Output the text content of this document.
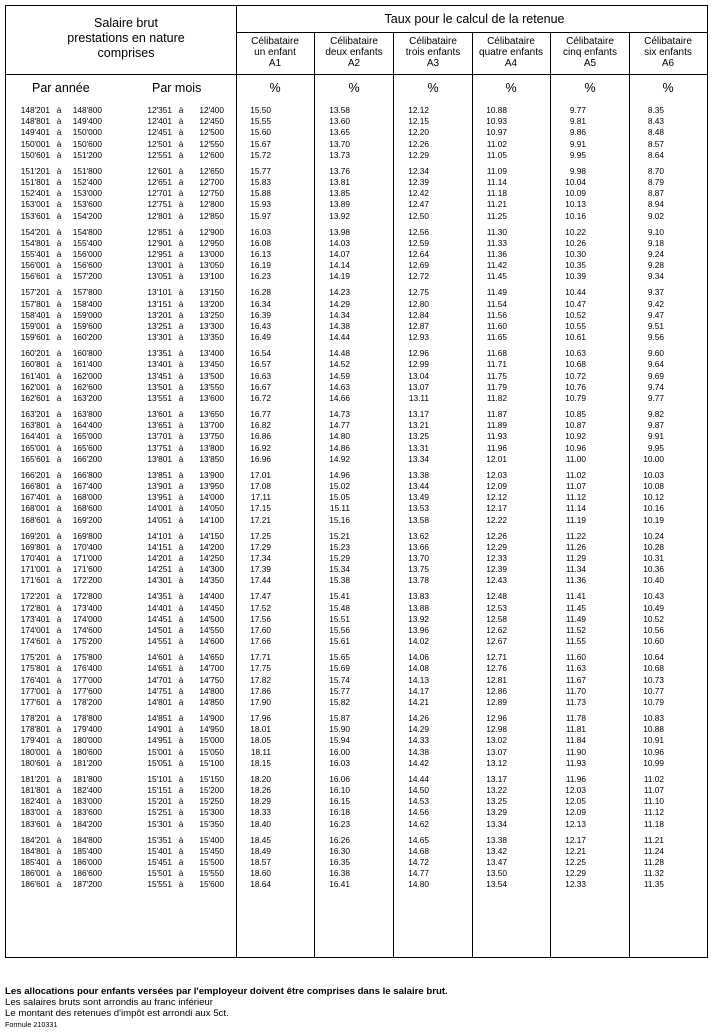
Salaire brut
prestations en nature
comprises
Taux pour le calcul de la retenue
Célibataire
un enfant
A1
Célibataire
deux enfants
A2
Célibataire
trois enfants
A3
Célibataire
quatre enfants
A4
Célibataire
cinq enfants
A5
Célibataire
six enfants
A6
Par année	Par mois	%	%	%	%	%	%
148'201 à	148'800	12'351 à	12'400	15.50	13.58	12.12	10.88	9.77	8.35
148'801 à	149'400	12'401 à	12'450	15.55	13.60	12.15	10.93	9.81	8.43
149'401 à	150'000	12'451 à	12'500	15.60	13.65	12.20	10.97	9.86	8.48
150'001 à	150'600	12'501 à	12'550	15.67	13.70	12.26	11.02	9.91	8.57
150'601 à	151'200	12'551 à	12'600	15.72	13.73	12.29	11.05	9.95	8.64
151'201 à	151'800	12'601 à	12'650	15.77	13.76	12.34	11.09	9.98	8.70
151'801 à	152'400	12'651 à	12'700	15.83	13.81	12.39	11.14	10.04	8.79
152'401 à	153'000	12'701 à	12'750	15.88	13.85	12.42	11.18	10.09	8.87
153'001 à	153'600	12'751 à	12'800	15.93	13.89	12.47	11.21	10.13	8.94
153'601 à	154'200	12'801 à	12'850	15.97	13.92	12.50	11.25	10.16	9.02
154'201 à	154'800	12'851 à	12'900	16.03	13.98	12.56	11.30	10.22	9.10
154'801 à	155'400	12'901 à	12'950	16.08	14.03	12.59	11.33	10.26	9.18
155'401 à	156'000	12'951 à	13'000	16.13	14.07	12.64	11.36	10.30	9.24
156'001 à	156'600	13'001 à	13'050	16.19	14.14	12.69	11.42	10.35	9.28
156'601 à	157'200	13'051 à	13'100	16.23	14.19	12.72	11.45	10.39	9.34
157'201 à	157'800	13'101 à	13'150	16.28	14.23	12.75	11.49	10.44	9.37
157'801 à	158'400	13'151 à	13'200	16.34	14.29	12.80	11.54	10.47	9.42
158'401 à	159'000	13'201 à	13'250	16.39	14.34	12.84	11.56	10.52	9.47
159'001 à	159'600	13'251 à	13'300	16.43	14.38	12.87	11.60	10.55	9.51
159'601 à	160'200	13'301 à	13'350	16.49	14.44	12.93	11.65	10.61	9.56
160'201 à	160'800	13'351 à	13'400	16.54	14.48	12.96	11.68	10.63	9.60
160'801 à	161'400	13'401 à	13'450	16.57	14.52	12.99	11.71	10.68	9.64
161'401 à	162'000	13'451 à	13'500	16.63	14.59	13.04	11.75	10.72	9.69
162'001 à	162'600	13'501 à	13'550	16.67	14.63	13.07	11.79	10.76	9.74
162'601 à	163'200	13'551 à	13'600	16.72	14.66	13.11	11.82	10.79	9.77
163'201 à	163'800	13'601 à	13'650	16.77	14.73	13.17	11.87	10.85	9.82
163'801 à	164'400	13'651 à	13'700	16.82	14.77	13.21	11.89	10.87	9.87
164'401 à	165'000	13'701 à	13'750	16.86	14.80	13.25	11.93	10.92	9.91
165'001 à	165'600	13'751 à	13'800	16.92	14.86	13.31	11.96	10.96	9.95
165'601 à	166'200	13'801 à	13'850	16.96	14.92	13.34	12.01	11.00	10.00
166'201 à	166'800	13'851 à	13'900	17.01	14.96	13.38	12.03	11.02	10.03
166'801 à	167'400	13'901 à	13'950	17.08	15.02	13.44	12.09	11.07	10.08
167'401 à	168'000	13'951 à	14'000	17.11	15.05	13.49	12.12	11.12	10.12
168'001 à	168'600	14'001 à	14'050	17.15	15.11	13.53	12.17	11.14	10.16
168'601 à	169'200	14'051 à	14'100	17.21	15.16	13.58	12.22	11.19	10.19
169'201 à	169'800	14'101 à	14'150	17.25	15.21	13.62	12.26	11.22	10.24
169'801 à	170'400	14'151 à	14'200	17.29	15.23	13.66	12.29	11.26	10.28
170'401 à	171'000	14'201 à	14'250	17.34	15.29	13.70	12.33	11.29	10.31
171'001 à	171'600	14'251 à	14'300	17.39	15.34	13.75	12.39	11.34	10.36
171'601 à	172'200	14'301 à	14'350	17.44	15.38	13.78	12.43	11.36	10.40
172'201 à	172'800	14'351 à	14'400	17.47	15.41	13.83	12.48	11.41	10.43
172'801 à	173'400	14'401 à	14'450	17.52	15.48	13.88	12.53	11.45	10.49
173'401 à	174'000	14'451 à	14'500	17.56	15.51	13.92	12.58	11.49	10.52
174'001 à	174'600	14'501 à	14'550	17.60	15.56	13.96	12.62	11.52	10.56
174'601 à	175'200	14'551 à	14'600	17.66	15.61	14.02	12.67	11.55	10.60
175'201 à	175'800	14'601 à	14'650	17.71	15.65	14.06	12.71	11.60	10.64
175'801 à	176'400	14'651 à	14'700	17.75	15.69	14.08	12.76	11.63	10.68
176'401 à	177'000	14'701 à	14'750	17.82	15.74	14.13	12.81	11.67	10.73
177'001 à	177'600	14'751 à	14'800	17.86	15.77	14.17	12.86	11.70	10.77
177'601 à	178'200	14'801 à	14'850	17.90	15.82	14.21	12.89	11.73	10.79
178'201 à	178'800	14'851 à	14'900	17.96	15.87	14.26	12.96	11.78	10.83
178'801 à	179'400	14'901 à	14'950	18.01	15.90	14.29	12.98	11.81	10.88
179'401 à	180'000	14'951 à	15'000	18.05	15.94	14.33	13.02	11.84	10.91
180'001 à	180'600	15'001 à	15'050	18.11	16.00	14.38	13.07	11.90	10.96
180'601 à	181'200	15'051 à	15'100	18.15	16.03	14.42	13.12	11.93	10.99
181'201 à	181'800	15'101 à	15'150	18.20	16.06	14.44	13.17	11.96	11.02
181'801 à	182'400	15'151 à	15'200	18.26	16.10	14.50	13.22	12.03	11.07
182'401 à	183'000	15'201 à	15'250	18.29	16.15	14.53	13.25	12.05	11.10
183'001 à	183'600	15'251 à	15'300	18.33	16.18	14.56	13.29	12.09	11.12
183'601 à	184'200	15'301 à	15'350	18.40	16.23	14.62	13.34	12.13	11.18
184'201 à	184'800	15'351 à	15'400	18.45	16.26	14.65	13.38	12.17	11.21
184'801 à	185'400	15'401 à	15'450	18.49	16.30	14.68	13.42	12.21	11.24
185'401 à	186'000	15'451 à	15'500	18.57	16.35	14.72	13.47	12.25	11.28
186'001 à	186'600	15'501 à	15'550	18.60	16.38	14.77	13.50	12.29	11.32
186'601 à	187'200	15'551 à	15'600	18.64	16.41	14.80	13.54	12.33	11.35
Les allocations pour enfants versées par l'employeur doivent être comprises dans le salaire brut.
Les salaires bruts sont arrondis au franc inférieur
Le montant des retenues d'impôt est arrondi aux 5ct.
Formule 210331
